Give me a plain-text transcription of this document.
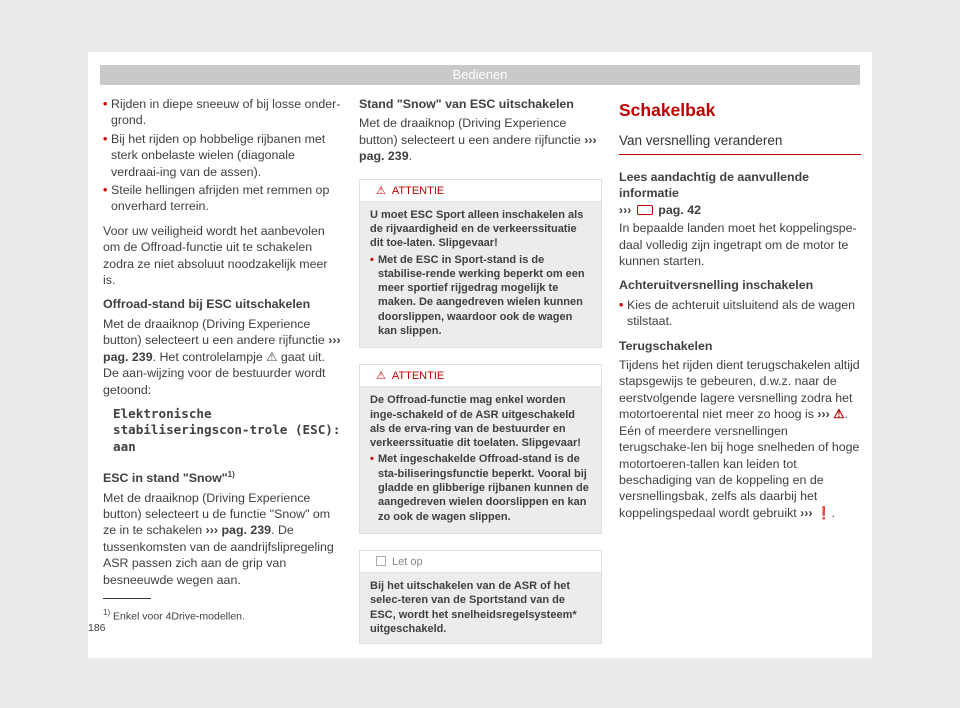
Bedienen
• Rijden in diepe sneeuw of bij losse onder-grond.
• Bij het rijden op hobbelige rijbanen met sterk onbelaste wielen (diagonale verdraai-ing van de assen).
• Steile hellingen afrijden met remmen op onverhard terrein.

Voor uw veiligheid wordt het aanbevolen om de Offroad-functie uit te schakelen zodra ze niet absoluut noodzakelijk meer is.

Offroad-stand bij ESC uitschakelen

Met de draaiknop (Driving Experience button) selecteert u een andere rijfunctie ››› pag. 239. Het controlelampje ⚠ gaat uit. De aan-wijzing voor de bestuurder wordt getoond:

Elektronische stabiliseringscon-trole (ESC): aan
ESC in stand "Snow"$^{1)}$

Met de draaiknop (Driving Experience button) selecteert u de functie "Snow" om ze in te schakelen ››› pag. 239. De tussenkomsten van de aandrijfslipregeling ASR passen zich aan de grip van besneeuwde wegen aan.

Stand "Snow" van ESC uitschakelen

Met de draaiknop (Driving Experience button) selecteert u een andere rijfunctie ››› pag. 239.

⚠ ATTENTIE
U moet ESC Sport alleen inschakelen als de rijvaardigheid en de verkeerssituatie dit toe-laten. Slipgevaar!
• Met de ESC in Sport-stand is de stabilise-rende werking beperkt om een meer sportief rijgedrag mogelijk te maken. De aangedreven wielen kunnen doorslippen, waardoor ook de wagen kan slippen.
⚠ ATTENTIE
De Offroad-functie mag enkel worden inge-schakeld of de ASR uitgeschakeld als de erva-ring van de bestuurder en verkeerssituatie dit toelaten. Slipgevaar!
• Met ingeschakelde Offroad-stand is de sta-biliseringsfunctie beperkt. Vooral bij gladde en glibberige rijbanen kunnen de aangedreven wielen doorslippen en kan zo ook de wagen slippen.
Let op
Bij het uitschakelen van de ASR of het selec-teren van de Sportstand van de ESC, wordt het snelheidsregelsysteem* uitgeschakeld.
Schakelbak
Van versnelling veranderen
Lees aandachtig de aanvullende informatie
››› pag. 42

In bepaalde landen moet het koppelingspe-daal volledig zijn ingetrapt om de motor te kunnen starten.

Achteruitversnelling inschakelen
• Kies de achteruit uitsluitend als de wagen stilstaat.
Terugschakelen

Tijdens het rijden dient terugschakelen altijd stapsgewijs te gebeuren, d.w.z. naar de eerstvolgende lagere versnelling zodra het motortoerental niet meer zo hoog is ››› ⚠. Eén of meerdere versnellingen terugschake-len bij hoge snelheden of hoge motortoeren-tallen kan leiden tot beschadiging van de koppeling en de versnellingsbak, zelfs als daarbij het koppelingspedaal wordt gebruikt ››› ❗.

$^{1)}$ Enkel voor 4Drive-modellen.
186
